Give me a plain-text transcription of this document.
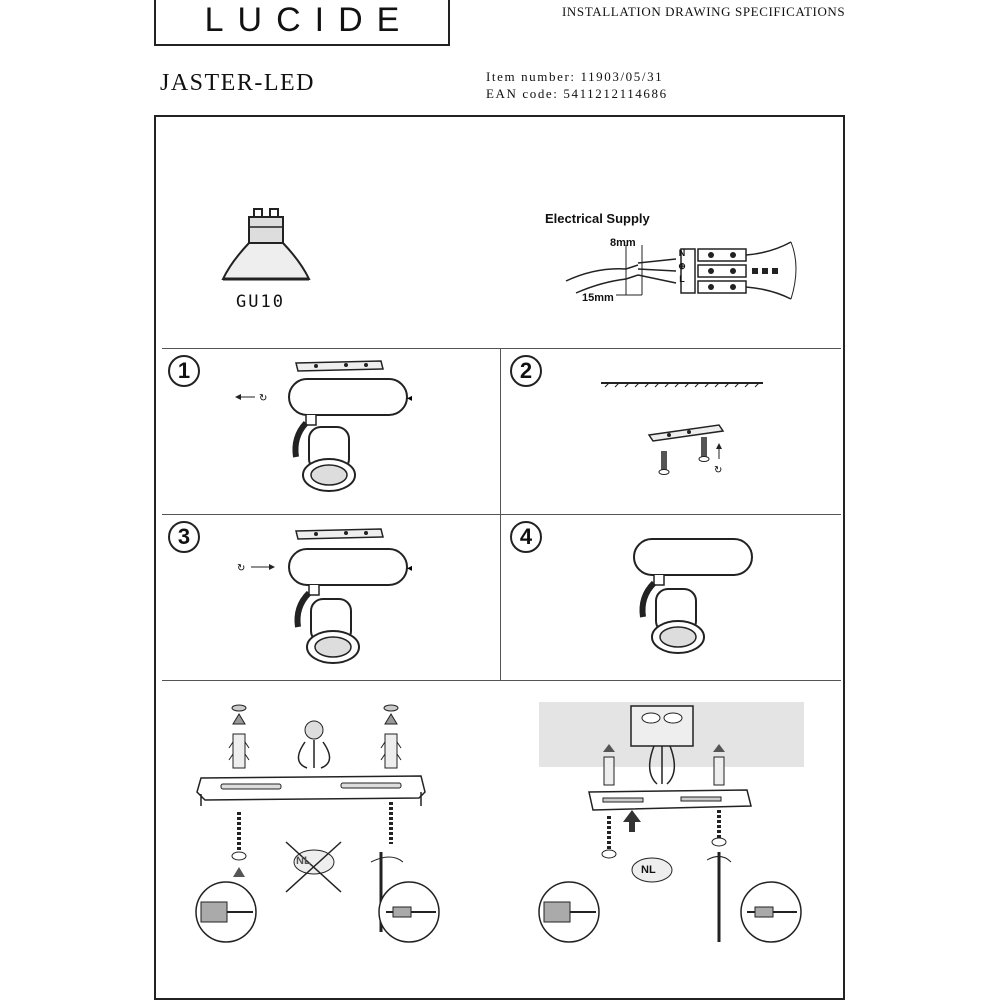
LUCIDE	INSTALLATION DRAWING SPECIFICATIONS
JASTER-LED	Item number: 11903/05/31
EAN code: 5411212114686
GU10
Electrical Supply
8mm
15mm
N
⊕
L
1
↻	◂
2
↻
3
↻	◂
4
NL
NL
